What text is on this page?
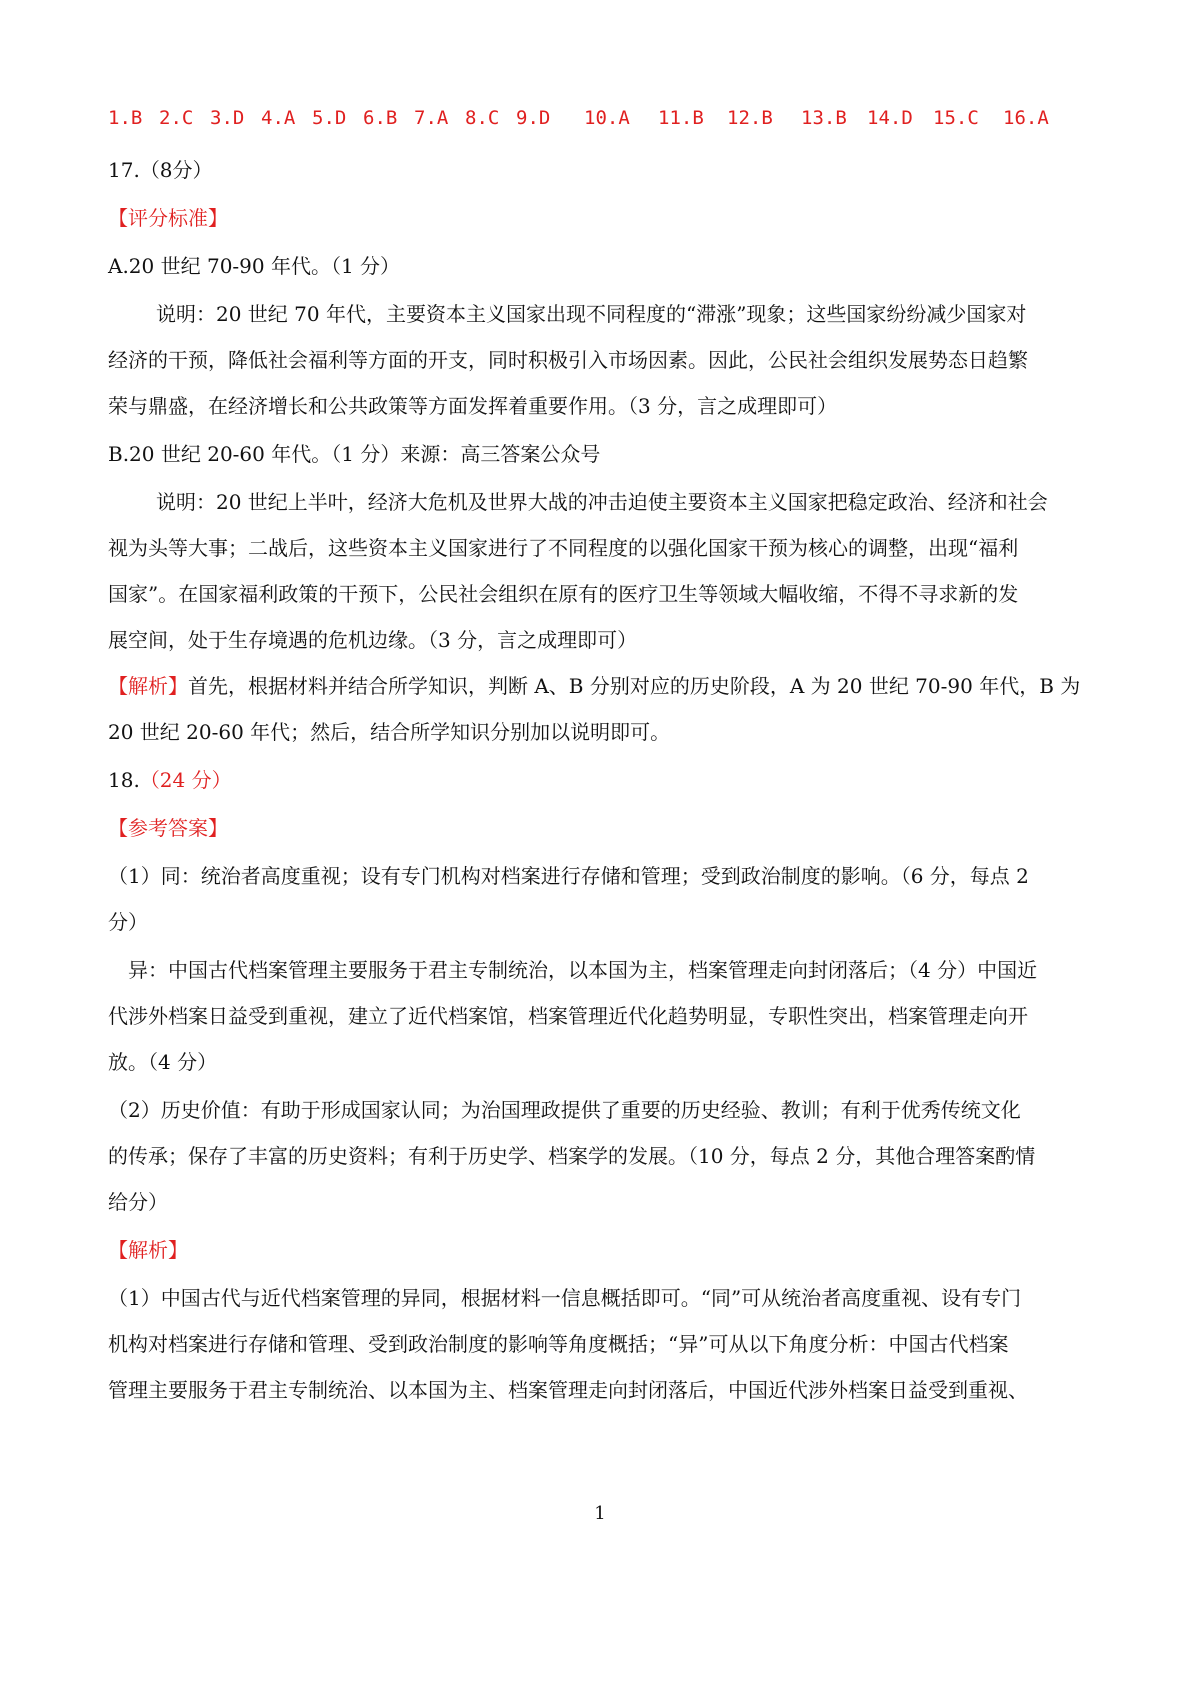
1.B 2.C 3.D 4.A 5.D 6.B 7.A 8.C 9.D	10.A	11.B	12.B	13.B	14.D	15.C	16.A
17.（8分）
【评分标准】
A.20 世纪 70-90 年代。（1 分）
说明：20 世纪 70 年代，主要资本主义国家出现不同程度的“滞涨”现象；这些国家纷纷减少国家对
经济的干预，降低社会福利等方面的开支，同时积极引入市场因素。因此，公民社会组织发展势态日趋繁
荣与鼎盛，在经济增长和公共政策等方面发挥着重要作用。（3 分，言之成理即可）
B.20 世纪 20-60 年代。（1 分）来源：高三答案公众号
说明：20 世纪上半叶，经济大危机及世界大战的冲击迫使主要资本主义国家把稳定政治、经济和社会
视为头等大事；二战后，这些资本主义国家进行了不同程度的以强化国家干预为核心的调整，出现“福利
国家”。在国家福利政策的干预下，公民社会组织在原有的医疗卫生等领域大幅收缩，不得不寻求新的发
展空间，处于生存境遇的危机边缘。（3 分，言之成理即可）
【解析】首先，根据材料并结合所学知识，判断 A、B 分别对应的历史阶段，A 为 20 世纪 70-90 年代，B 为
20 世纪 20-60 年代；然后，结合所学知识分别加以说明即可。
18.（24 分）
【参考答案】
（1）同：统治者高度重视；设有专门机构对档案进行存储和管理；受到政治制度的影响。（6 分，每点 2
分）
异：中国古代档案管理主要服务于君主专制统治，以本国为主，档案管理走向封闭落后；（4 分）中国近
代涉外档案日益受到重视，建立了近代档案馆，档案管理近代化趋势明显，专职性突出，档案管理走向开
放。（4 分）
（2）历史价值：有助于形成国家认同；为治国理政提供了重要的历史经验、教训；有利于优秀传统文化
的传承；保存了丰富的历史资料；有利于历史学、档案学的发展。（10 分，每点 2 分，其他合理答案酌情
给分）
【解析】
（1）中国古代与近代档案管理的异同，根据材料一信息概括即可。“同”可从统治者高度重视、设有专门
机构对档案进行存储和管理、受到政治制度的影响等角度概括；“异”可从以下角度分析：中国古代档案
管理主要服务于君主专制统治、以本国为主、档案管理走向封闭落后，中国近代涉外档案日益受到重视、
1
